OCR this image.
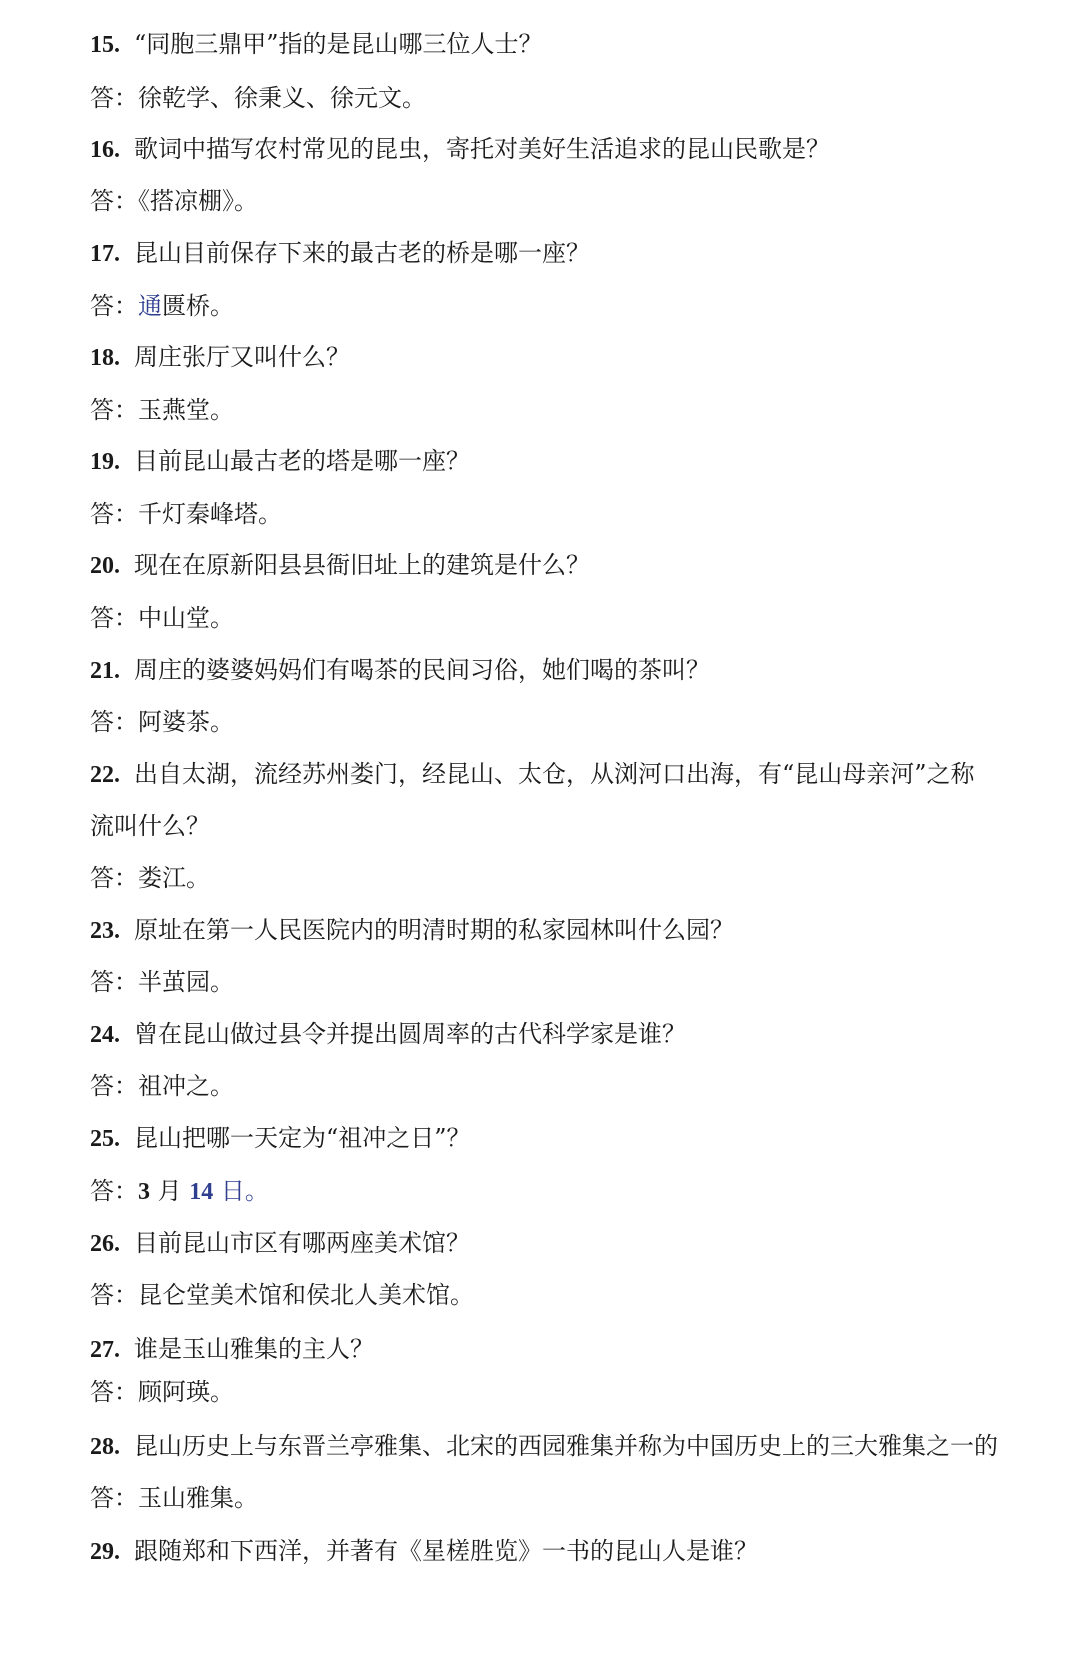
15. “同胞三鼎甲”指的是昆山哪三位人士？
答：徐乾学、徐秉义、徐元文。
16. 歌词中描写农村常见的昆虫，寄托对美好生活追求的昆山民歌是？
答：《搭凉棚》。
17. 昆山目前保存下来的最古老的桥是哪一座？
答：通匮桥。
18. 周庄张厅又叫什么？
答：玉燕堂。
19. 目前昆山最古老的塔是哪一座？
答：千灯秦峰塔。
20. 现在在原新阳县县衙旧址上的建筑是什么？
答：中山堂。
21. 周庄的婆婆妈妈们有喝茶的民间习俗，她们喝的茶叫？
答：阿婆茶。
22. 出自太湖，流经苏州娄门，经昆山、太仓，从浏河口出海，有“昆山母亲河”之称
流叫什么？
答：娄江。
23. 原址在第一人民医院内的明清时期的私家园林叫什么园？
答：半茧园。
24. 曾在昆山做过县令并提出圆周率的古代科学家是谁？
答：祖冲之。
25. 昆山把哪一天定为“祖冲之日”？
答：3 月 14 日。
26. 目前昆山市区有哪两座美术馆？
答：昆仑堂美术馆和侯北人美术馆。
27. 谁是玉山雅集的主人？
答：顾阿瑛。
28. 昆山历史上与东晋兰亭雅集、北宋的西园雅集并称为中国历史上的三大雅集之一的
答：玉山雅集。
29. 跟随郑和下西洋，并著有《星槎胜览》一书的昆山人是谁？
